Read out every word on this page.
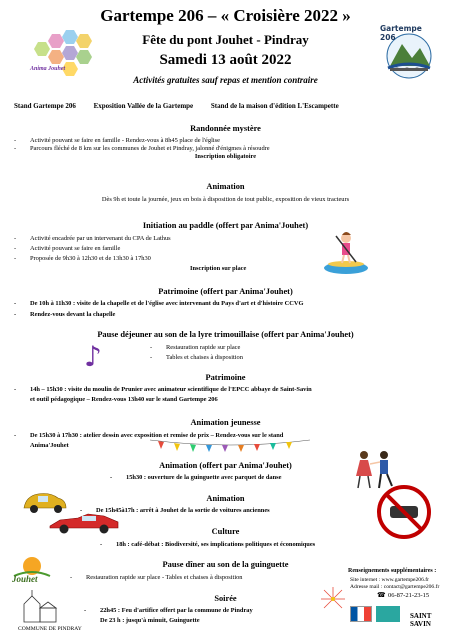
Gartempe 206 – « Croisière 2022 »
Fête du pont Jouhet - Pindray
Samedi 13 août 2022
Activités gratuites sauf repas et mention contraire
Anima Jouhet
Gartempe 206
Stand Gartempe 206	Exposition Vallée de la Gartempe	Stand de la maison d'édition L'Escampette
Randonnée mystère
- Activité pouvant se faire en famille - Rendez-vous à 8h45 place de l'église
- Parcours fléché de 8 km sur les communes de Jouhet et Pindray, jalonné d'énigmes à résoudre
Inscription obligatoire
Animation
Dès 9h et toute la journée, jeux en bois à disposition de tout public, exposition de vieux tracteurs
Initiation au paddle (offert par Anima'Jouhet)
- Activité encadrée par un intervenant du CPA de Lathus
- Activité pouvant se faire en famille
- Proposée de 9h30 à 12h30 et de 13h30 à 17h30
Inscription sur place
Patrimoine (offert par Anima'Jouhet)
- De 10h à 11h30 : visite de la chapelle et de l'église avec intervenant du Pays d'art et d'histoire CCVG
- Rendez-vous devant la chapelle
Pause déjeuner au son de la lyre trimouillaise (offert par Anima'Jouhet)
- Restauration rapide sur place
- Tables et chaises à disposition
♪
Patrimoine
- 14h – 15h30 : visite du moulin de Prunier avec animateur scientifique de l'EPCC abbaye de Saint-Savin
et outil pédagogique – Rendez-vous 13h40 sur le stand Gartempe 206
Animation jeunesse
- De 15h30 à 17h30 : atelier dessin avec exposition et remise de prix – Rendez-vous sur le stand
Anima'Jouhet
Animation (offert par Anima'Jouhet)
- 15h30 : ouverture de la guinguette avec parquet de danse
Animation
- De 15h45à17h : arrêt à Jouhet de la sortie de voitures anciennes
Culture
- 18h : café-débat : Biodiversité, ses implications politiques et économiques
Pause dîner au son de la guinguette
- Restauration rapide sur place - Tables et chaises à disposition
Soirée
- 22h45 : Feu d'artifice offert par la commune de Pindray
De 23 h : jusqu'à minuit, Guinguette
Jouhet
COMMUNE DE PINDRAY
Renseignements supplémentaires :
Site internet : www.gartempe206.fr
Adresse mail : contact@gartempe206.fr
06-87-21-23-15
☎
SAINT SAVIN
